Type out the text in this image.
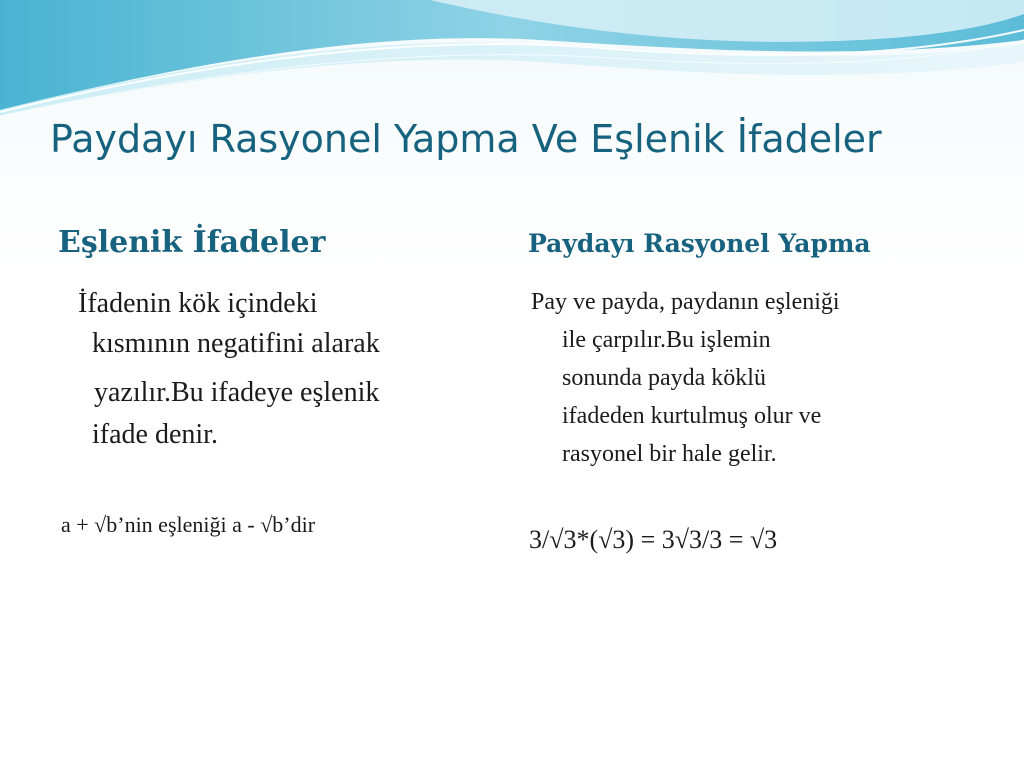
Paydayı Rasyonel Yapma Ve Eşlenik İfadeler
Eşlenik İfadeler	Paydayı Rasyonel Yapma
İfadenin kök içindeki
kısmının negatifini alarak
yazılır.Bu ifadeye eşlenik
ifade denir.
a + √b’nin eşleniği a - √b’dir
Pay ve payda, paydanın eşleniği
ile çarpılır.Bu işlemin
sonunda payda köklü
ifadeden kurtulmuş olur ve
rasyonel bir hale gelir.
3/√3*(√3) = 3√3/3 = √3
